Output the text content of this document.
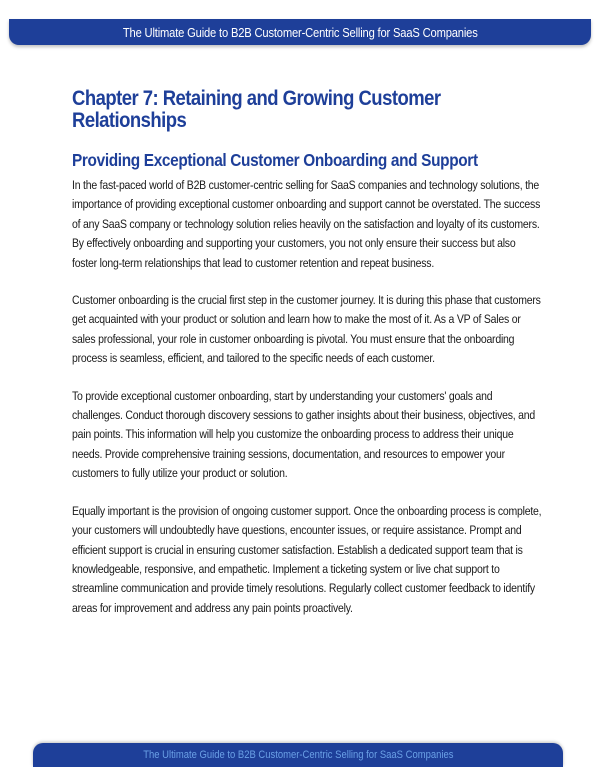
The Ultimate Guide to B2B Customer-Centric Selling for SaaS Companies
Chapter 7: Retaining and Growing Customer Relationships
Providing Exceptional Customer Onboarding and Support

In the fast-paced world of B2B customer-centric selling for SaaS companies and technology solutions, the importance of providing exceptional customer onboarding and support cannot be overstated. The success of any SaaS company or technology solution relies heavily on the satisfaction and loyalty of its customers. By effectively onboarding and supporting your customers, you not only ensure their success but also foster long-term relationships that lead to customer retention and repeat business.

Customer onboarding is the crucial first step in the customer journey. It is during this phase that customers get acquainted with your product or solution and learn how to make the most of it. As a VP of Sales or sales professional, your role in customer onboarding is pivotal. You must ensure that the onboarding process is seamless, efficient, and tailored to the specific needs of each customer.

To provide exceptional customer onboarding, start by understanding your customers' goals and challenges. Conduct thorough discovery sessions to gather insights about their business, objectives, and pain points. This information will help you customize the onboarding process to address their unique needs. Provide comprehensive training sessions, documentation, and resources to empower your customers to fully utilize your product or solution.

Equally important is the provision of ongoing customer support. Once the onboarding process is complete, your customers will undoubtedly have questions, encounter issues, or require assistance. Prompt and efficient support is crucial in ensuring customer satisfaction. Establish a dedicated support team that is knowledgeable, responsive, and empathetic. Implement a ticketing system or live chat support to streamline communication and provide timely resolutions. Regularly collect customer feedback to identify areas for improvement and address any pain points proactively.

The Ultimate Guide to B2B Customer-Centric Selling for SaaS Companies
